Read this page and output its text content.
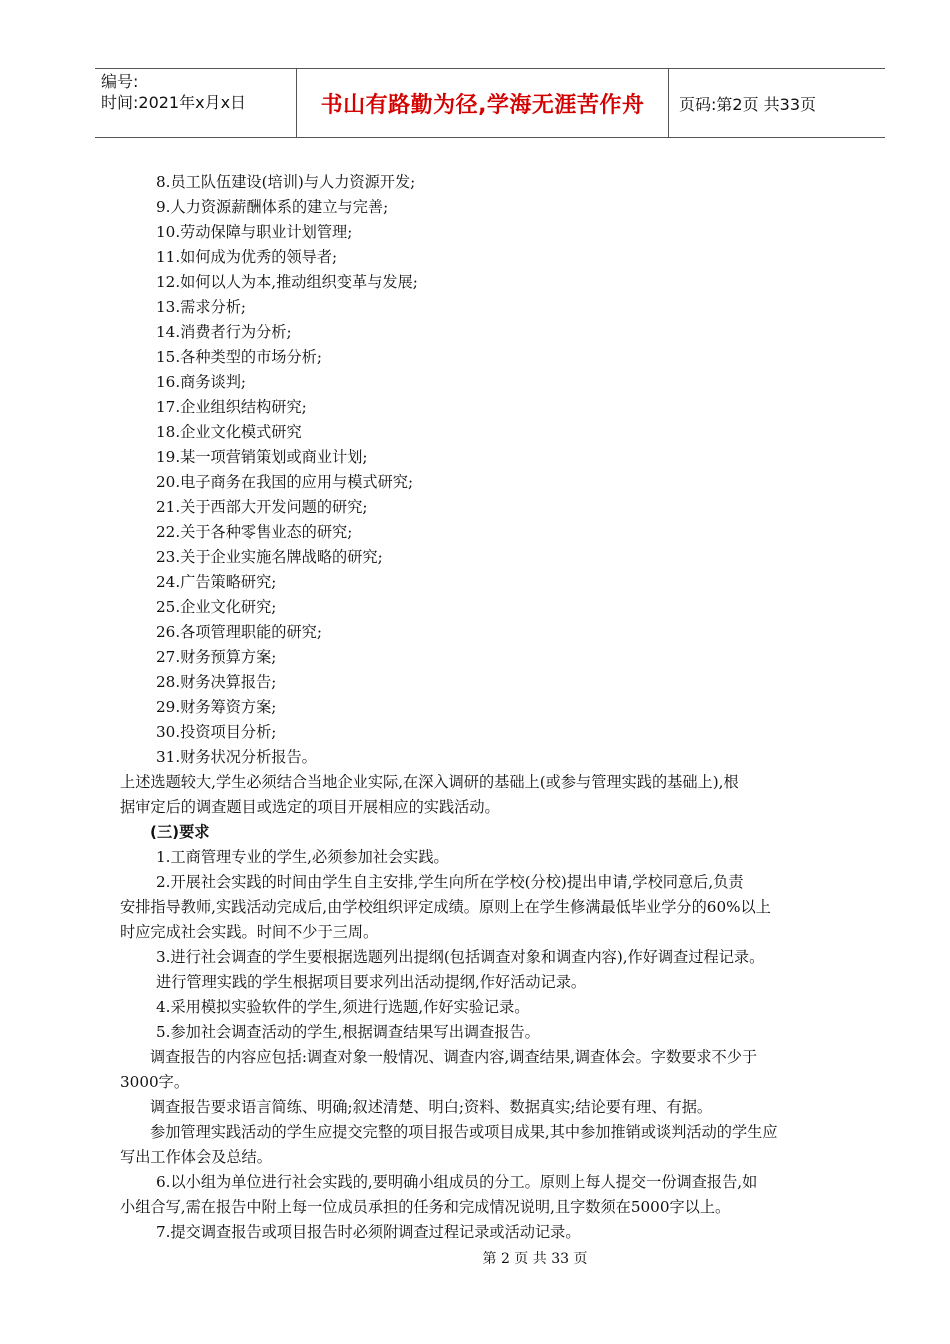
编号:
时间:2021年x月x日	书山有路勤为径,学海无涯苦作舟	页码:第2页 共33页
8.员工队伍建设(培训)与人力资源开发;
9.人力资源薪酬体系的建立与完善;
10.劳动保障与职业计划管理;
11.如何成为优秀的领导者;
12.如何以人为本,推动组织变革与发展;
13.需求分析;
14.消费者行为分析;
15.各种类型的市场分析;
16.商务谈判;
17.企业组织结构研究;
18.企业文化模式研究
19.某一项营销策划或商业计划;
20.电子商务在我国的应用与模式研究;
21.关于西部大开发问题的研究;
22.关于各种零售业态的研究;
23.关于企业实施名牌战略的研究;
24.广告策略研究;
25.企业文化研究;
26.各项管理职能的研究;
27.财务预算方案;
28.财务决算报告;
29.财务筹资方案;
30.投资项目分析;
31.财务状况分析报告。
上述选题较大,学生必须结合当地企业实际,在深入调研的基础上(或参与管理实践的基础上),根
据审定后的调查题目或选定的项目开展相应的实践活动。
(三)要求
1.工商管理专业的学生,必须参加社会实践。
2.开展社会实践的时间由学生自主安排,学生向所在学校(分校)提出申请,学校同意后,负责
安排指导教师,实践活动完成后,由学校组织评定成绩。原则上在学生修满最低毕业学分的60%以上
时应完成社会实践。时间不少于三周。
3.进行社会调查的学生要根据选题列出提纲(包括调查对象和调查内容),作好调查过程记录。
进行管理实践的学生根据项目要求列出活动提纲,作好活动记录。
4.采用模拟实验软件的学生,须进行选题,作好实验记录。
5.参加社会调查活动的学生,根据调查结果写出调查报告。
调查报告的内容应包括:调查对象一般情况、调查内容,调查结果,调查体会。字数要求不少于
3000字。
调查报告要求语言简练、明确;叙述清楚、明白;资料、数据真实;结论要有理、有据。
参加管理实践活动的学生应提交完整的项目报告或项目成果,其中参加推销或谈判活动的学生应
写出工作体会及总结。
6.以小组为单位进行社会实践的,要明确小组成员的分工。原则上每人提交一份调查报告,如
小组合写,需在报告中附上每一位成员承担的任务和完成情况说明,且字数须在5000字以上。
7.提交调查报告或项目报告时必须附调查过程记录或活动记录。
第 2 页 共 33 页
